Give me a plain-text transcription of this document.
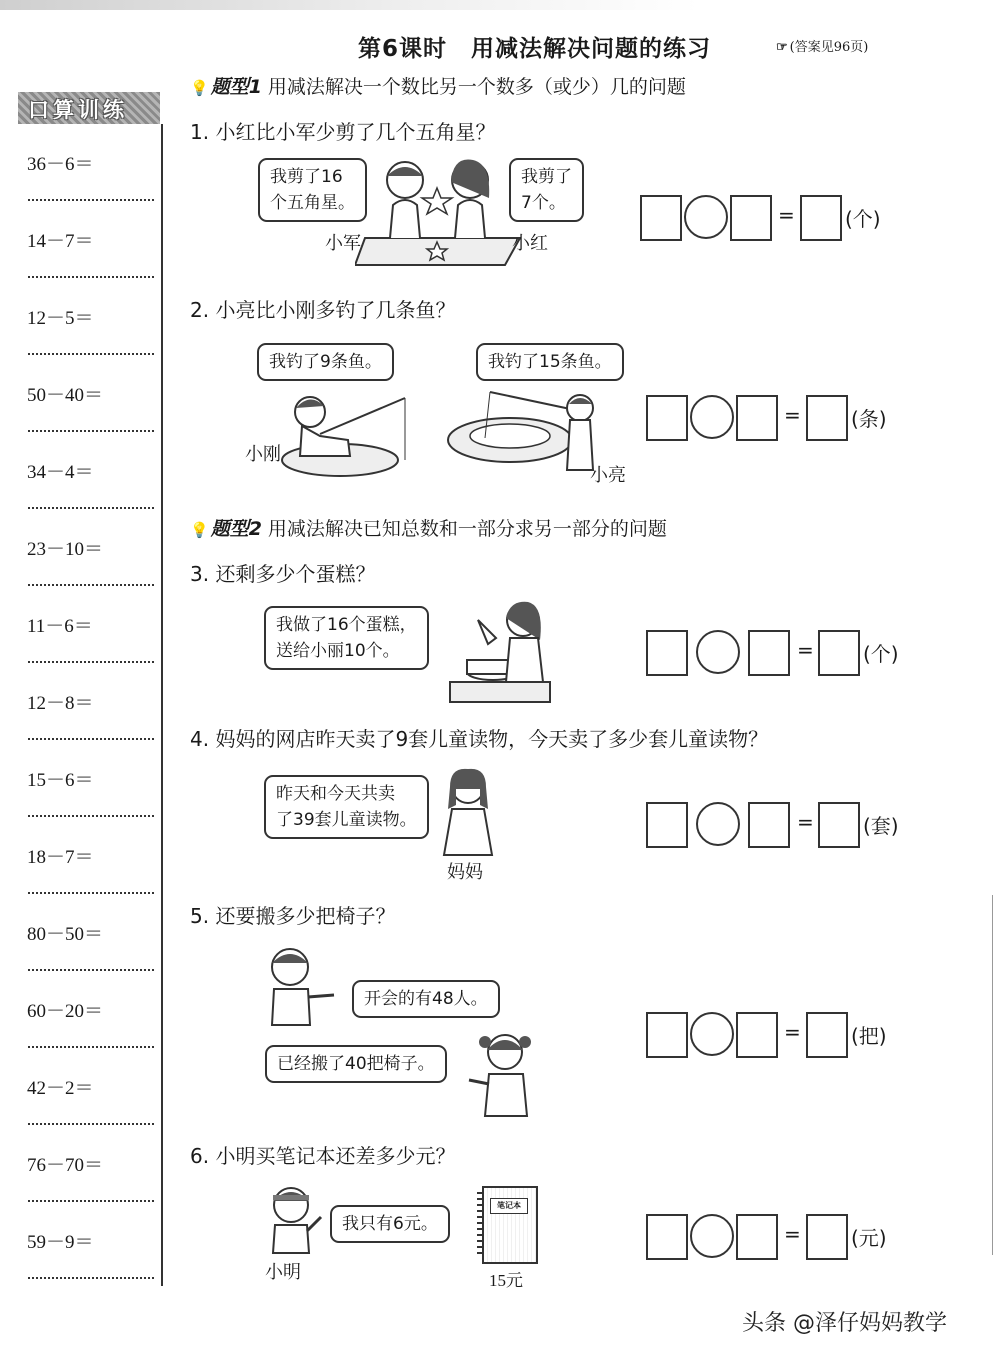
第6课时　用减法解决问题的练习	☞ (答案见96页)
口算训练
36－6＝
14－7＝
12－5＝
50－40＝
34－4＝
23－10＝
11－6＝
12－8＝
15－6＝
18－7＝
80－50＝
60－20＝
42－2＝
76－70＝
59－9＝
💡 题型1 用减法解决一个数比另一个数多（或少）几的问题
1. 小红比小军少剪了几个五角星？
我剪了16
个五角星。
我剪了
7个。
小军	小红
=	(个)
2. 小亮比小刚多钓了几条鱼？
我钓了9条鱼。	我钓了15条鱼。
小刚
小亮
=	(条)
💡 题型2 用减法解决已知总数和一部分求另一部分的问题
3. 还剩多少个蛋糕？
我做了16个蛋糕，
送给小丽10个。	= (个)
4. 妈妈的网店昨天卖了9套儿童读物，今天卖了多少套儿童读物？
昨天和今天共卖
了39套儿童读物。
妈妈
= (套)
5. 还要搬多少把椅子？
开会的有48人。
已经搬了40把椅子。
=	(把)
6. 小明买笔记本还差多少元？
小明
我只有6元。
笔记本
15元
=	(元)
头条 @泽仔妈妈教学
